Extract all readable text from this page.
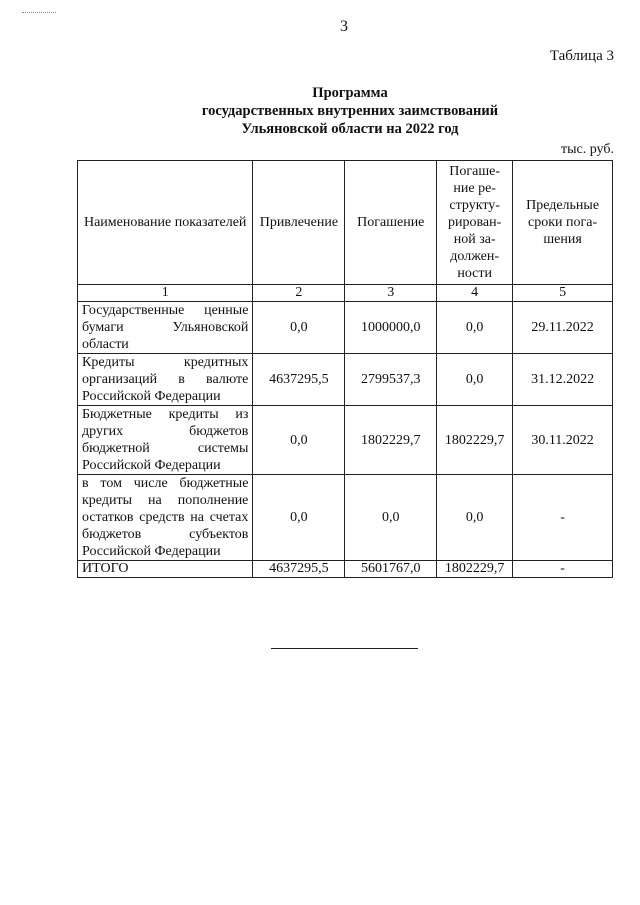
3
Таблица 3
Программа
государственных внутренних заимствований
Ульяновской области на 2022 год
тыс. руб.
Наименование показателей	Привлечение	Погашение	Погаше-ние ре-структу-рирован-ной за-должен-ности	Предельные сроки пога-шения
1	2	3	4	5
Государственные ценные бумаги Ульяновской области	0,0	1000000,0	0,0	29.11.2022
Кредиты кредитных организаций в валюте Российской Федерации	4637295,5	2799537,3	0,0	31.12.2022
Бюджетные кредиты из других бюджетов бюджетной системы Российской Федерации	0,0	1802229,7	1802229,7	30.11.2022
в том числе бюджетные кредиты на пополнение остатков средств на счетах бюджетов субъектов Российской Федерации	0,0	0,0	0,0	-
ИТОГО	4637295,5	5601767,0	1802229,7	-
